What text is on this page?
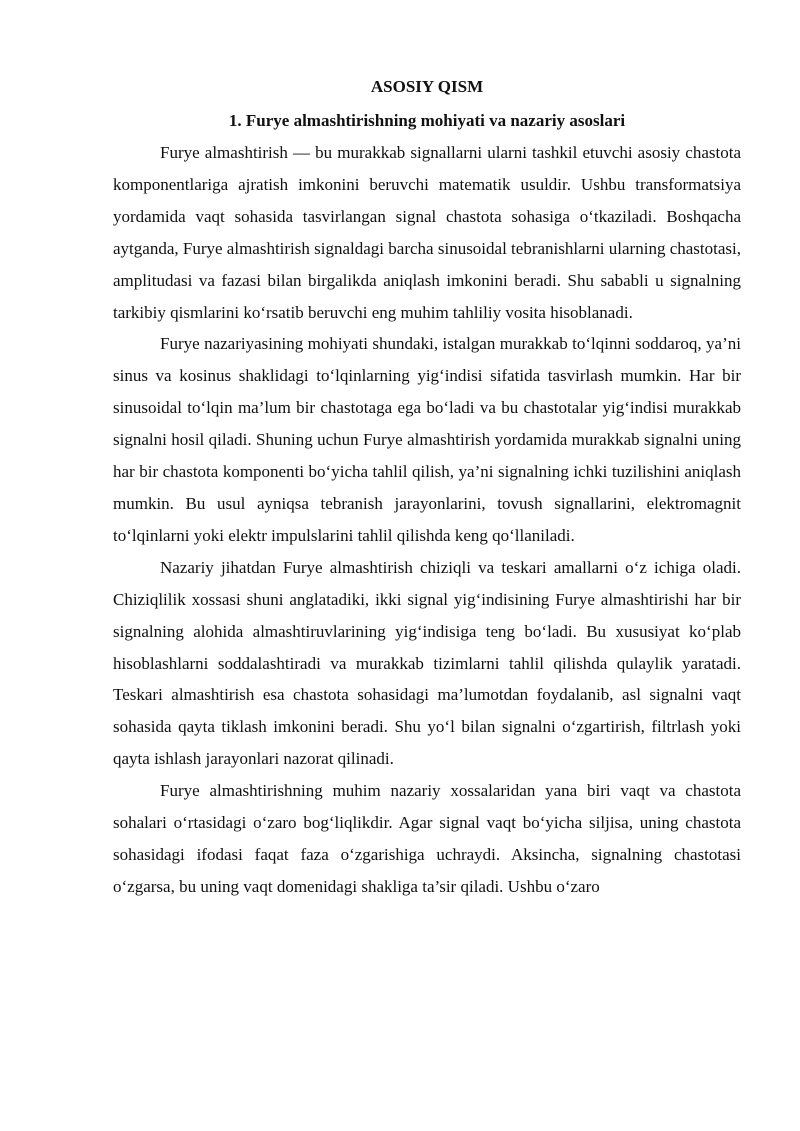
ASOSIY QISM
1. Furye almashtirishning mohiyati va nazariy asoslari

Furye almashtirish — bu murakkab signallarni ularni tashkil etuvchi asosiy chastota komponentlariga ajratish imkonini beruvchi matematik usuldir. Ushbu transformatsiya yordamida vaqt sohasida tasvirlangan signal chastota sohasiga o‘tkaziladi. Boshqacha aytganda, Furye almashtirish signaldagi barcha sinusoidal tebranishlarni ularning chastotasi, amplitudasi va fazasi bilan birgalikda aniqlash imkonini beradi. Shu sababli u signalning tarkibiy qismlarini ko‘rsatib beruvchi eng muhim tahliliy vosita hisoblanadi.

Furye nazariyasining mohiyati shundaki, istalgan murakkab to‘lqinni soddaroq, ya’ni sinus va kosinus shaklidagi to‘lqinlarning yig‘indisi sifatida tasvirlash mumkin. Har bir sinusoidal to‘lqin ma’lum bir chastotaga ega bo‘ladi va bu chastotalar yig‘indisi murakkab signalni hosil qiladi. Shuning uchun Furye almashtirish yordamida murakkab signalni uning har bir chastota komponenti bo‘yicha tahlil qilish, ya’ni signalning ichki tuzilishini aniqlash mumkin. Bu usul ayniqsa tebranish jarayonlarini, tovush signallarini, elektromagnit to‘lqinlarni yoki elektr impulslarini tahlil qilishda keng qo‘llaniladi.

Nazariy jihatdan Furye almashtirish chiziqli va teskari amallarni o‘z ichiga oladi. Chiziqlilik xossasi shuni anglatadiki, ikki signal yig‘indisining Furye almashtirishi har bir signalning alohida almashtiruvlarining yig‘indisiga teng bo‘ladi. Bu xususiyat ko‘plab hisoblashlarni soddalashtiradi va murakkab tizimlarni tahlil qilishda qulaylik yaratadi. Teskari almashtirish esa chastota sohasidagi ma’lumotdan foydalanib, asl signalni vaqt sohasida qayta tiklash imkonini beradi. Shu yo‘l bilan signalni o‘zgartirish, filtrlash yoki qayta ishlash jarayonlari nazorat qilinadi.

Furye almashtirishning muhim nazariy xossalaridan yana biri vaqt va chastota sohalari o‘rtasidagi o‘zaro bog‘liqlikdir. Agar signal vaqt bo‘yicha siljisa, uning chastota sohasidagi ifodasi faqat faza o‘zgarishiga uchraydi. Aksincha, signalning chastotasi o‘zgarsa, bu uning vaqt domenidagi shakliga ta’sir qiladi. Ushbu o‘zaro
